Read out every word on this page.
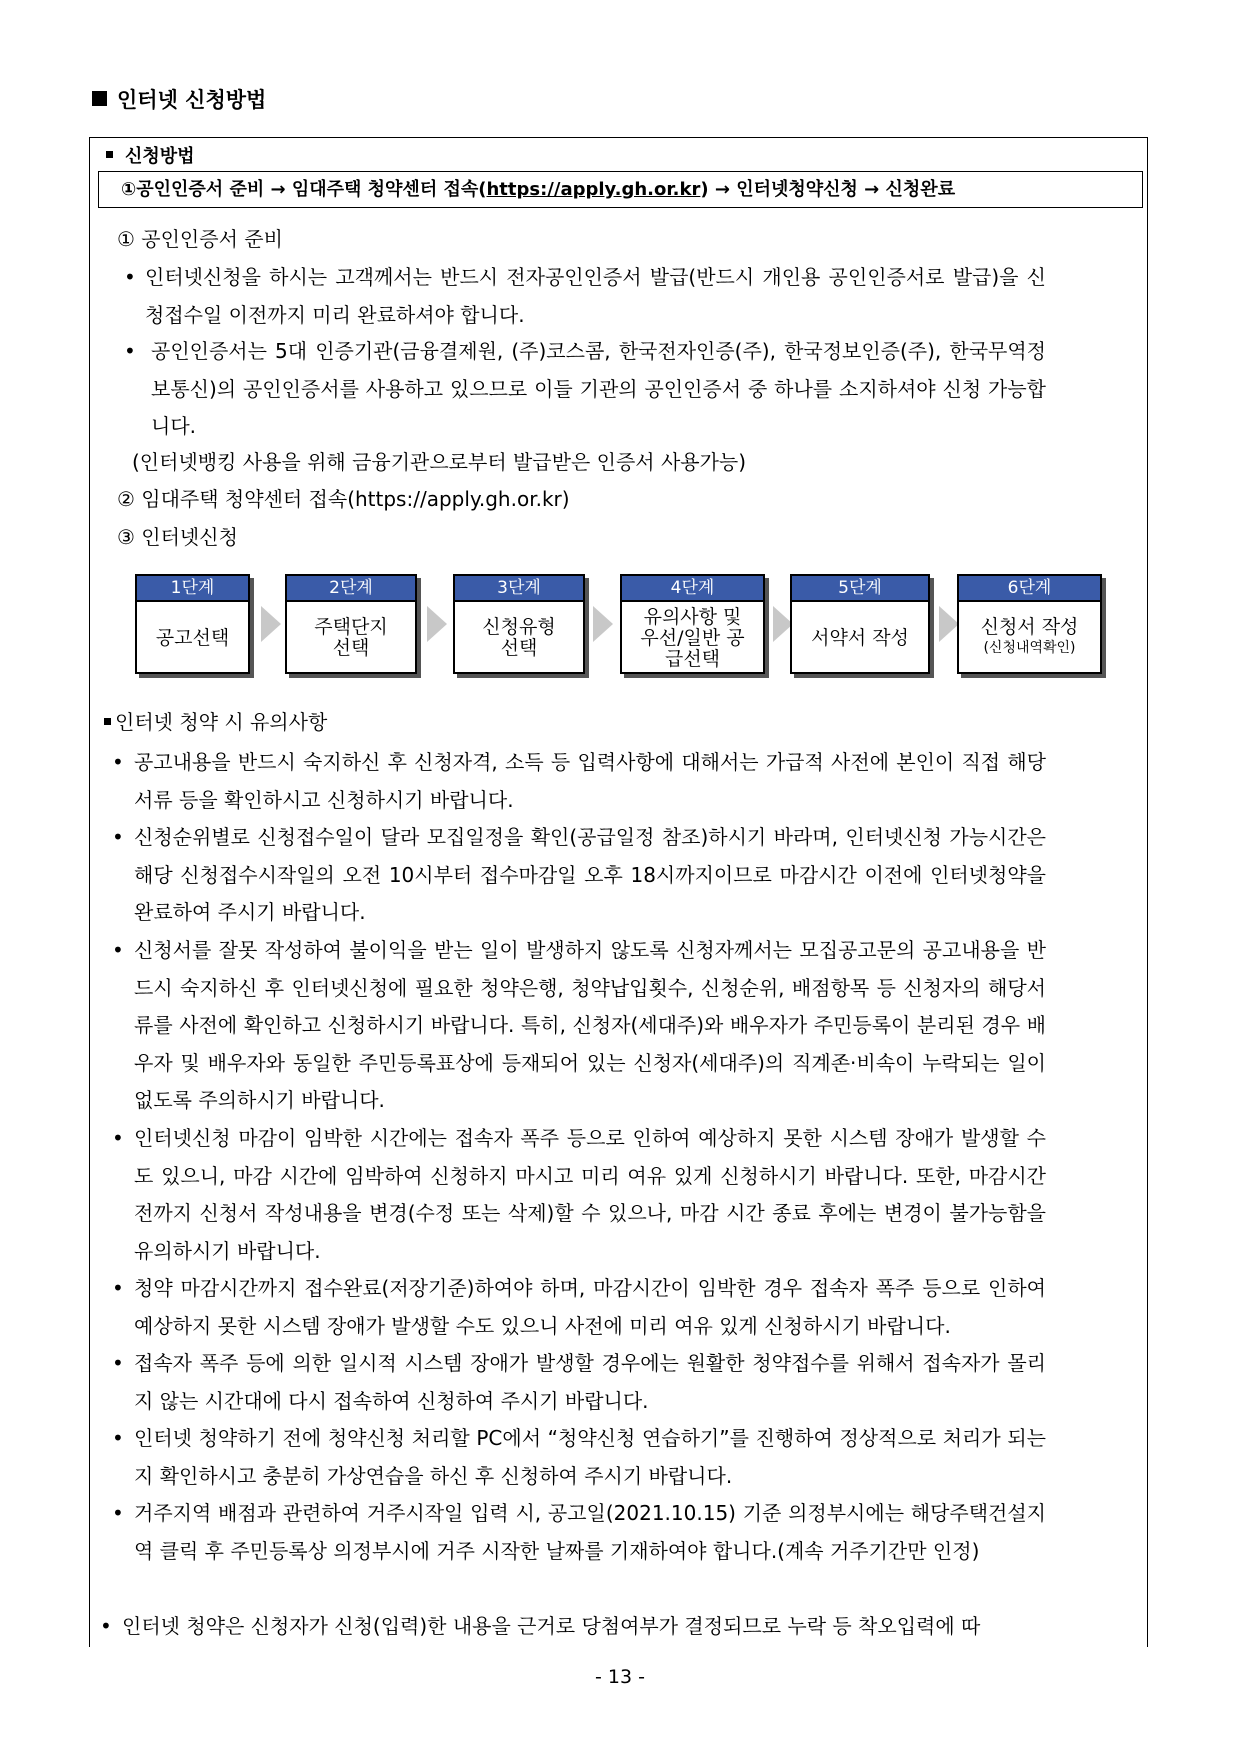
인터넷 신청방법
신청방법
①공인인증서 준비 → 임대주택 청약센터 접속(https://apply.gh.or.kr) → 인터넷청약신청 → 신청완료
① 공인인증서 준비
• 인터넷신청을 하시는 고객께서는 반드시 전자공인인증서 발급(반드시 개인용 공인인증서로 발급)을 신청접수일 이전까지 미리 완료하셔야 합니다.
• 공인인증서는 5대 인증기관(금융결제원, (주)코스콤, 한국전자인증(주), 한국정보인증(주), 한국무역정보통신)의 공인인증서를 사용하고 있으므로 이들 기관의 공인인증서 중 하나를 소지하셔야 신청 가능합니다.
(인터넷뱅킹 사용을 위해 금융기관으로부터 발급받은 인증서 사용가능)
② 임대주택 청약센터 접속(https://apply.gh.or.kr)
③ 인터넷신청
1단계
공고선택
2단계
주택단지 선택
3단계
신청유형 선택
4단계
유의사항 및 우선/일반 공급선택
5단계
서약서 작성
6단계
신청서 작성
(신청내역확인)
인터넷 청약 시 유의사항
• 공고내용을 반드시 숙지하신 후 신청자격, 소득 등 입력사항에 대해서는 가급적 사전에 본인이 직접 해당서류 등을 확인하시고 신청하시기 바랍니다.
• 신청순위별로 신청접수일이 달라 모집일정을 확인(공급일정 참조)하시기 바라며, 인터넷신청 가능시간은 해당 신청접수시작일의 오전 10시부터 접수마감일 오후 18시까지이므로 마감시간 이전에 인터넷청약을 완료하여 주시기 바랍니다.
• 신청서를 잘못 작성하여 불이익을 받는 일이 발생하지 않도록 신청자께서는 모집공고문의 공고내용을 반드시 숙지하신 후 인터넷신청에 필요한 청약은행, 청약납입횟수, 신청순위, 배점항목 등 신청자의 해당서류를 사전에 확인하고 신청하시기 바랍니다. 특히, 신청자(세대주)와 배우자가 주민등록이 분리된 경우 배우자 및 배우자와 동일한 주민등록표상에 등재되어 있는 신청자(세대주)의 직계존·비속이 누락되는 일이 없도록 주의하시기 바랍니다.
• 인터넷신청 마감이 임박한 시간에는 접속자 폭주 등으로 인하여 예상하지 못한 시스템 장애가 발생할 수도 있으니, 마감 시간에 임박하여 신청하지 마시고 미리 여유 있게 신청하시기 바랍니다. 또한, 마감시간 전까지 신청서 작성내용을 변경(수정 또는 삭제)할 수 있으나, 마감 시간 종료 후에는 변경이 불가능함을 유의하시기 바랍니다.
• 청약 마감시간까지 접수완료(저장기준)하여야 하며, 마감시간이 임박한 경우 접속자 폭주 등으로 인하여 예상하지 못한 시스템 장애가 발생할 수도 있으니 사전에 미리 여유 있게 신청하시기 바랍니다.
• 접속자 폭주 등에 의한 일시적 시스템 장애가 발생할 경우에는 원활한 청약접수를 위해서 접속자가 몰리지 않는 시간대에 다시 접속하여 신청하여 주시기 바랍니다.
• 인터넷 청약하기 전에 청약신청 처리할 PC에서 “청약신청 연습하기”를 진행하여 정상적으로 처리가 되는지 확인하시고 충분히 가상연습을 하신 후 신청하여 주시기 바랍니다.
• 거주지역 배점과 관련하여 거주시작일 입력 시, 공고일(2021.10.15) 기준 의정부시에는 해당주택건설지역 클릭 후 주민등록상 의정부시에 거주 시작한 날짜를 기재하여야 합니다.(계속 거주기간만 인정)
• 인터넷 청약은 신청자가 신청(입력)한 내용을 근거로 당첨여부가 결정되므로 누락 등 착오입력에 따
- 13 -
